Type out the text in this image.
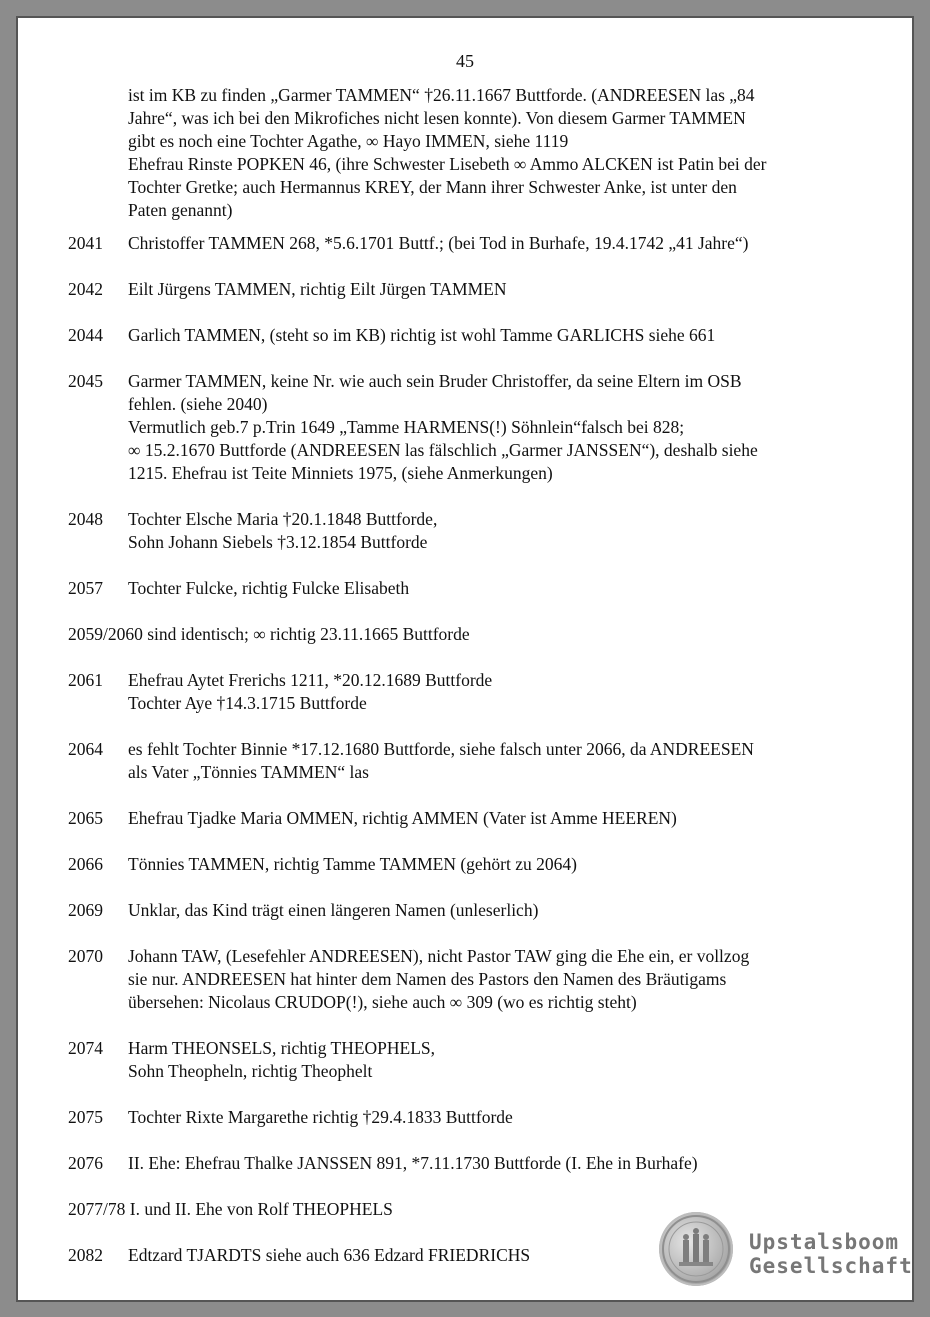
45
ist im KB zu finden „Garmer TAMMEN“ †26.11.1667 Buttforde. (ANDREESEN las „84
Jahre“, was ich bei den Mikrofiches nicht lesen konnte). Von diesem Garmer TAMMEN
gibt es noch eine Tochter Agathe, ∞ Hayo IMMEN, siehe 1119
Ehefrau Rinste POPKEN 46, (ihre Schwester Lisebeth ∞ Ammo ALCKEN ist Patin bei der
Tochter Gretke; auch Hermannus KREY, der Mann ihrer Schwester Anke, ist unter den
Paten genannt)
2041 Christoffer TAMMEN 268, *5.6.1701 Buttf.; (bei Tod in Burhafe, 19.4.1742 „41 Jahre“)
2042 Eilt Jürgens TAMMEN, richtig Eilt Jürgen TAMMEN
2044 Garlich TAMMEN, (steht so im KB) richtig ist wohl Tamme GARLICHS siehe 661
2045 Garmer TAMMEN, keine Nr. wie auch sein Bruder Christoffer, da seine Eltern im OSB
fehlen. (siehe 2040)
Vermutlich geb.7 p.Trin 1649 „Tamme HARMENS(!) Söhnlein“falsch bei 828;
∞ 15.2.1670 Buttforde (ANDREESEN las fälschlich „Garmer JANSSEN“), deshalb siehe
1215. Ehefrau ist Teite Minniets 1975, (siehe Anmerkungen)
2048 Tochter Elsche Maria †20.1.1848 Buttforde,
Sohn Johann Siebels †3.12.1854 Buttforde
2057 Tochter Fulcke, richtig Fulcke Elisabeth
2059/2060 sind identisch; ∞ richtig 23.11.1665 Buttforde
2061 Ehefrau Aytet Frerichs 1211, *20.12.1689 Buttforde
Tochter Aye †14.3.1715 Buttforde
2064 es fehlt Tochter Binnie *17.12.1680 Buttforde, siehe falsch unter 2066, da ANDREESEN
als Vater „Tönnies TAMMEN“ las
2065 Ehefrau Tjadke Maria OMMEN, richtig AMMEN (Vater ist Amme HEEREN)
2066 Tönnies TAMMEN, richtig Tamme TAMMEN (gehört zu 2064)
2069 Unklar, das Kind trägt einen längeren Namen (unleserlich)
2070 Johann TAW, (Lesefehler ANDREESEN), nicht Pastor TAW ging die Ehe ein, er vollzog
sie nur. ANDREESEN hat hinter dem Namen des Pastors den Namen des Bräutigams
übersehen: Nicolaus CRUDOP(!), siehe auch ∞ 309 (wo es richtig steht)
2074 Harm THEONSELS, richtig THEOPHELS,
Sohn Theopheln, richtig Theophelt
2075 Tochter Rixte Margarethe richtig †29.4.1833 Buttforde
2076 II. Ehe: Ehefrau Thalke JANSSEN 891, *7.11.1730 Buttforde (I. Ehe in Burhafe)
2077/78 I. und II. Ehe von Rolf THEOPHELS
2082 Edtzard TJARDTS siehe auch 636 Edzard FRIEDRICHS
Upstalsboom
Gesellschaft
